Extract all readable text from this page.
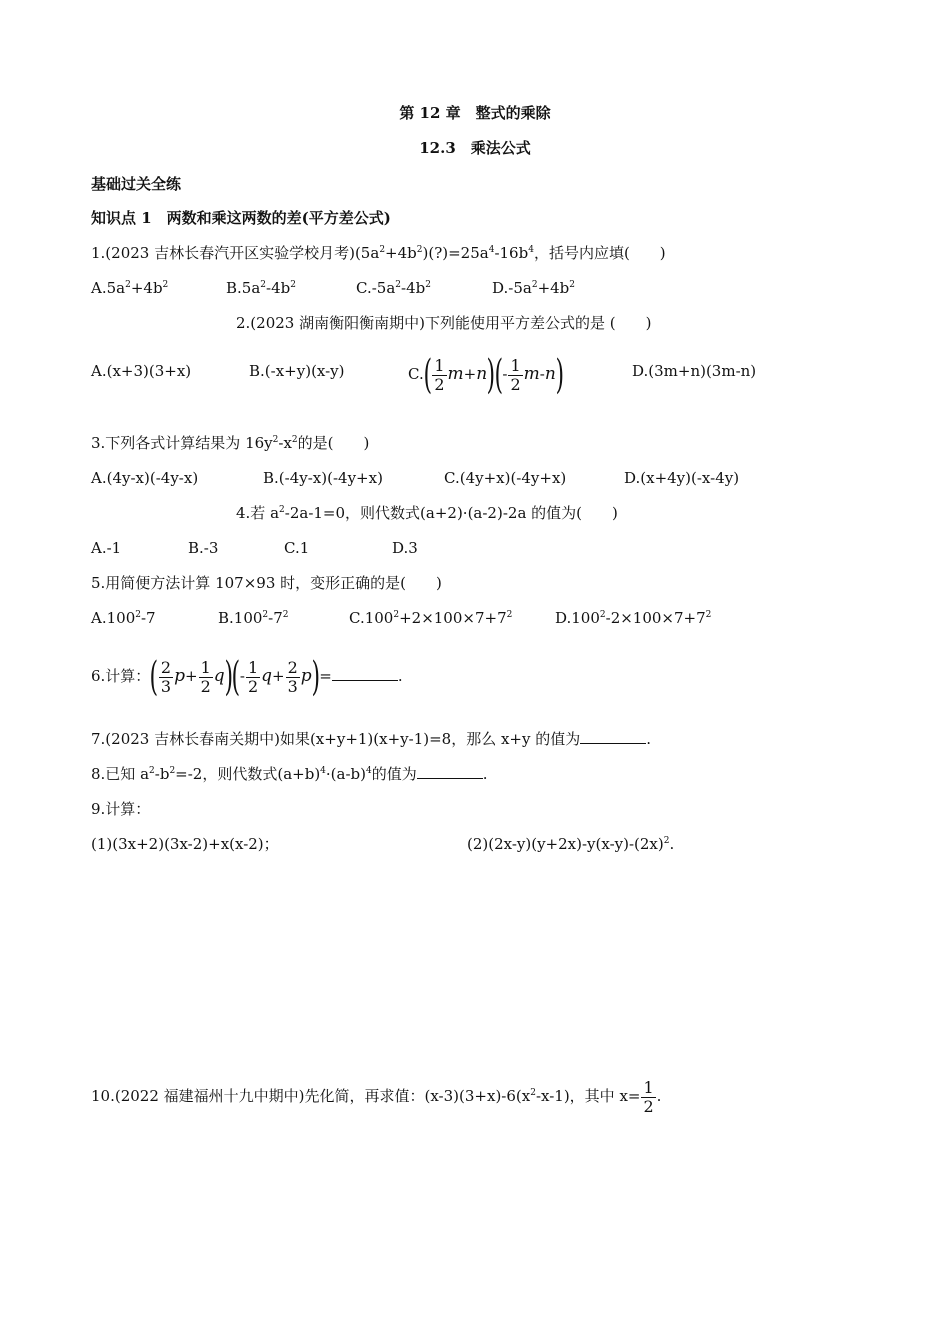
第 12 章　整式的乘除
12.3　乘法公式
基础过关全练
知识点 1　两数和乘这两数的差(平方差公式)
1.(2023 吉林长春汽开区实验学校月考)$(5a^2+4b^2)(?)=25a^4-16b^4$，括号内应填(　　)
$A.5a^2+4b^2$	$B.5a^2-4b^2$	$C.-5a^2-4b^2$	$D.-5a^2+4b^2$
2.(2023 湖南衡阳衡南期中)下列能使用平方差公式的是 (　　)
A.(x+3)(3+x)	B.(-x+y)(x-y)	$C.( \frac{1}{2} m+n)(- \frac{1}{2} m-n)$	D.(3m+n)(3m-n)
3.下列各式计算结果为 $16y^2-x^2$的是(　　)
A.(4y-x)(-4y-x)	B.(-4y-x)(-4y+x)	C.(4y+x)(-4y+x)	D.(x+4y)(-x-4y)
4.若 $a^2-2a-1=0$，则代数式(a+2)·(a-2)-2a 的值为(　　)
A.-1	B.-3	C.1	D.3
5.用简便方法计算 107×93 时，变形正确的是(　　)
A.100$^2$-7	$B.100^2-7^2$	$C.100^2+2\times 100\times 7+7^2$	$D.100^2-2\times 100\times 7+7^2$
6.计算：( $\frac{2}{3} p+ \frac{1}{2} q)(- \frac{1}{2} q+ \frac{2}{3} p)=$	.
7.(2023 吉林长春南关期中)如果(x+y+1)(x+y-1)=8，那么 x+y 的值为	.
8.已知 $a^2-b^2=-2$，则代数式$(a+b)^4\cdot(a-b)^4$的值为	.
9.计算：
(1)(3x+2)(3x-2)+x(x-2)；	$(2)(2x-y)(y+2x)-y(x-y)-(2x)^2$.
10.(2022 福建福州十九中期中)先化简，再求值：$(x-3)(3+x)-6(x^2-x-1)$，其中 $x= \frac{1}{2}$ .
